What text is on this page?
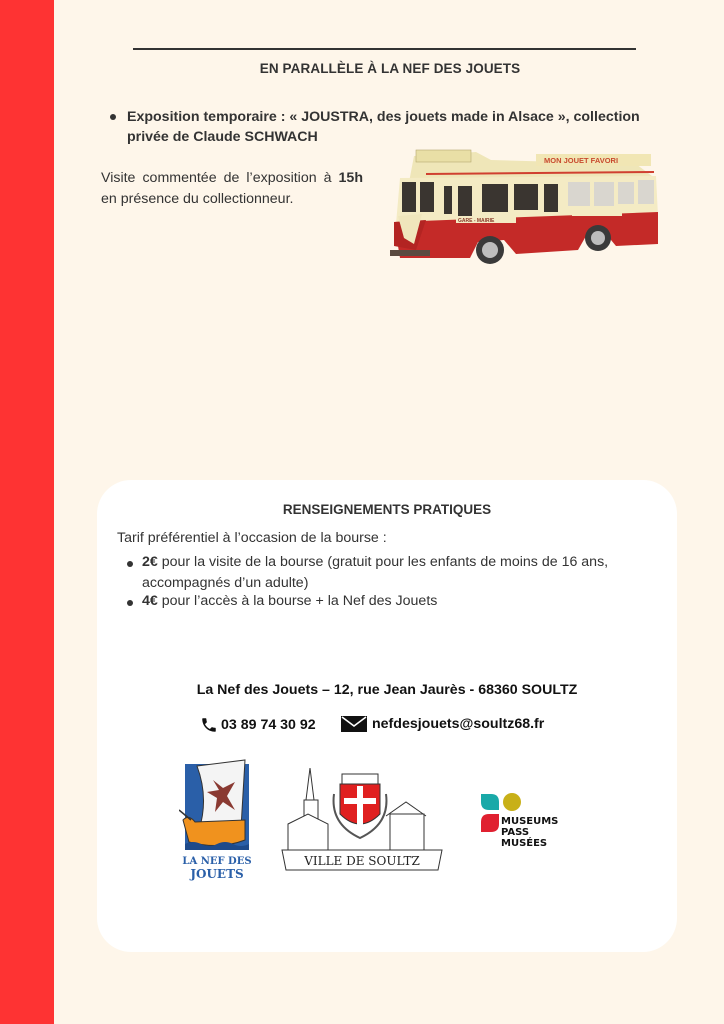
EN PARALLÈLE À LA NEF DES JOUETS
Exposition temporaire : « JOUSTRA, des jouets made in Alsace », collection privée de Claude SCHWACH
Visite commentée de l’exposition à 15h en présence du collectionneur.
MON JOUET FAVORI
GARE - MAIRIE
RENSEIGNEMENTS PRATIQUES
Tarif préférentiel à l’occasion de la bourse :
2€ pour la visite de la bourse (gratuit pour les enfants de moins de 16 ans, accompagnés d’un adulte)
4€ pour l’accès à la bourse + la Nef des Jouets
La Nef des Jouets – 12, rue Jean Jaurès - 68360 SOULTZ
03 89 74 30 92	nefdesjouets@soultz68.fr
LA NEF DES
JOUETS
VILLE DE SOULTZ
MUSEUMS
PASS
MUSÉES
